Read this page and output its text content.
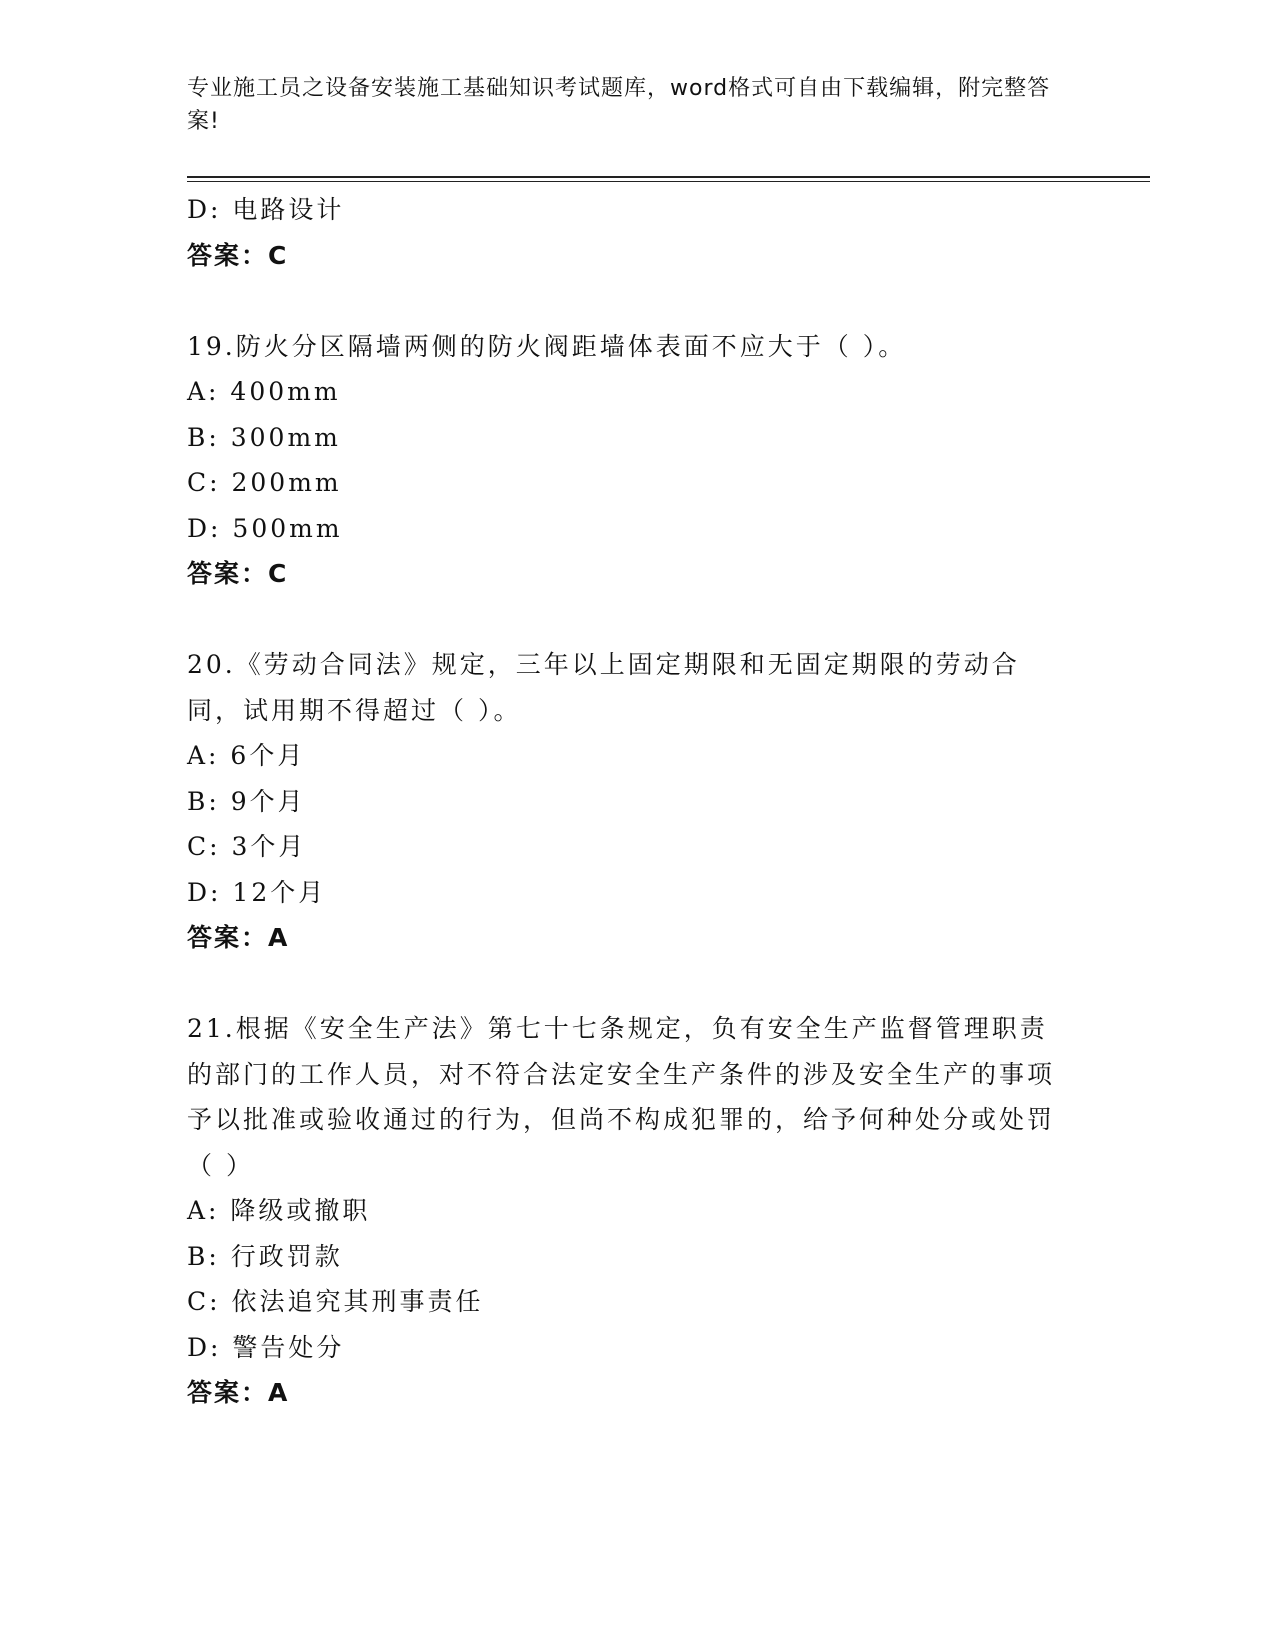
专业施工员之设备安装施工基础知识考试题库，word格式可自由下载编辑，附完整答案!
D: 电路设计
答案：C
19.防火分区隔墙两侧的防火阀距墙体表面不应大于（ ）。
A: 400mm
B: 300mm
C: 200mm
D: 500mm
答案：C
20.《劳动合同法》规定，三年以上固定期限和无固定期限的劳动合同，试用期不得超过（ ）。
A: 6个月
B: 9个月
C: 3个月
D: 12个月
答案：A
21.根据《安全生产法》第七十七条规定，负有安全生产监督管理职责的部门的工作人员，对不符合法定安全生产条件的涉及安全生产的事项予以批准或验收通过的行为，但尚不构成犯罪的，给予何种处分或处罚（ ）
A: 降级或撤职
B: 行政罚款
C: 依法追究其刑事责任
D: 警告处分
答案：A
